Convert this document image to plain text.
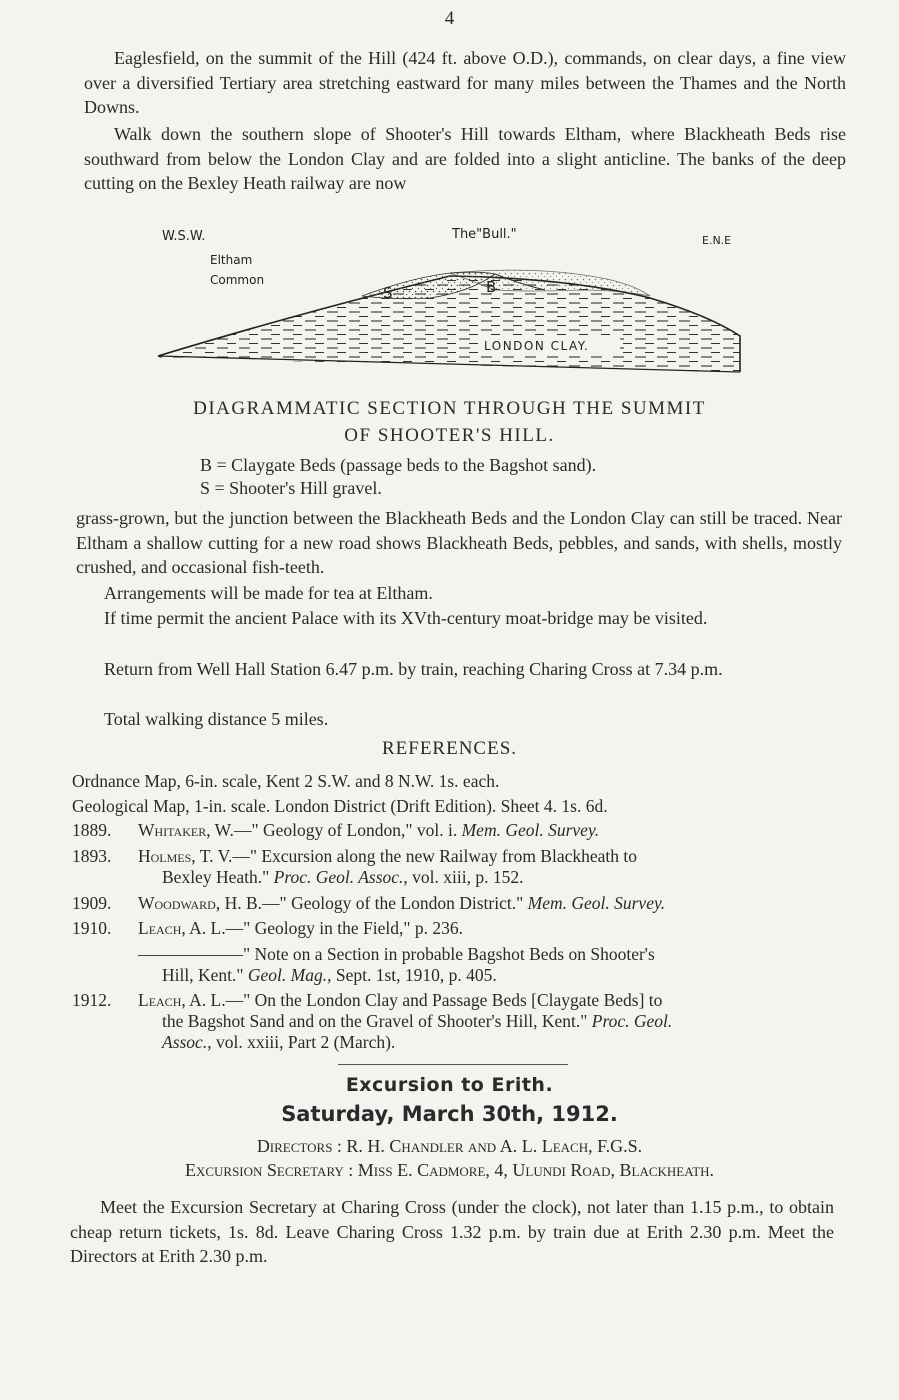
4

Eaglesfield, on the summit of the Hill (424 ft. above O.D.), commands, on clear days, a fine view over a diversified Tertiary area stretching eastward for many miles between the Thames and the North Downs.

Walk down the southern slope of Shooter's Hill towards Eltham, where Blackheath Beds rise southward from below the London Clay and are folded into a slight anticline. The banks of the deep cutting on the Bexley Heath railway are now

W.S.W.	The"Bull."	E.N.E
Eltham
Common
S	B
LONDON CLAY.
DIAGRAMMATIC SECTION THROUGH THE SUMMIT
OF SHOOTER'S HILL.
B = Claygate Beds (passage beds to the Bagshot sand).
S = Shooter's Hill gravel.

grass-grown, but the junction between the Blackheath Beds and the London Clay can still be traced. Near Eltham a shallow cutting for a new road shows Blackheath Beds, pebbles, and sands, with shells, mostly crushed, and occasional fish-teeth.

Arrangements will be made for tea at Eltham.

If time permit the ancient Palace with its XVth-century moat-bridge may be visited.

Return from Well Hall Station 6.47 p.m. by train, reaching Charing Cross at 7.34 p.m.

Total walking distance 5 miles.

REFERENCES.

Ordnance Map, 6-in. scale, Kent 2 S.W. and 8 N.W. 1s. each.

Geological Map, 1-in. scale. London District (Drift Edition). Sheet 4. 1s. 6d.

1889. Whitaker, W.—" Geology of London," vol. i. Mem. Geol. Survey.
1893. Holmes, T. V.—" Excursion along the new Railway from Blackheath to
Bexley Heath." Proc. Geol. Assoc., vol. xiii, p. 152.
1909. Woodward, H. B.—" Geology of the London District." Mem. Geol. Survey.
1910. Leach, A. L.—" Geology in the Field," p. 236.
——————" Note on a Section in probable Bagshot Beds on Shooter's
Hill, Kent." Geol. Mag., Sept. 1st, 1910, p. 405.
1912. Leach, A. L.—" On the London Clay and Passage Beds [Claygate Beds] to
the Bagshot Sand and on the Gravel of Shooter's Hill, Kent." Proc. Geol.
Assoc., vol. xxiii, Part 2 (March).
Excursion to Erith.
Saturday, March 30th, 1912.
Directors : R. H. Chandler and A. L. Leach, F.G.S.
Excursion Secretary : Miss E. Cadmore, 4, Ulundi Road, Blackheath.

Meet the Excursion Secretary at Charing Cross (under the clock), not later than 1.15 p.m., to obtain cheap return tickets, 1s. 8d. Leave Charing Cross 1.32 p.m. by train due at Erith 2.30 p.m. Meet the Directors at Erith 2.30 p.m.
